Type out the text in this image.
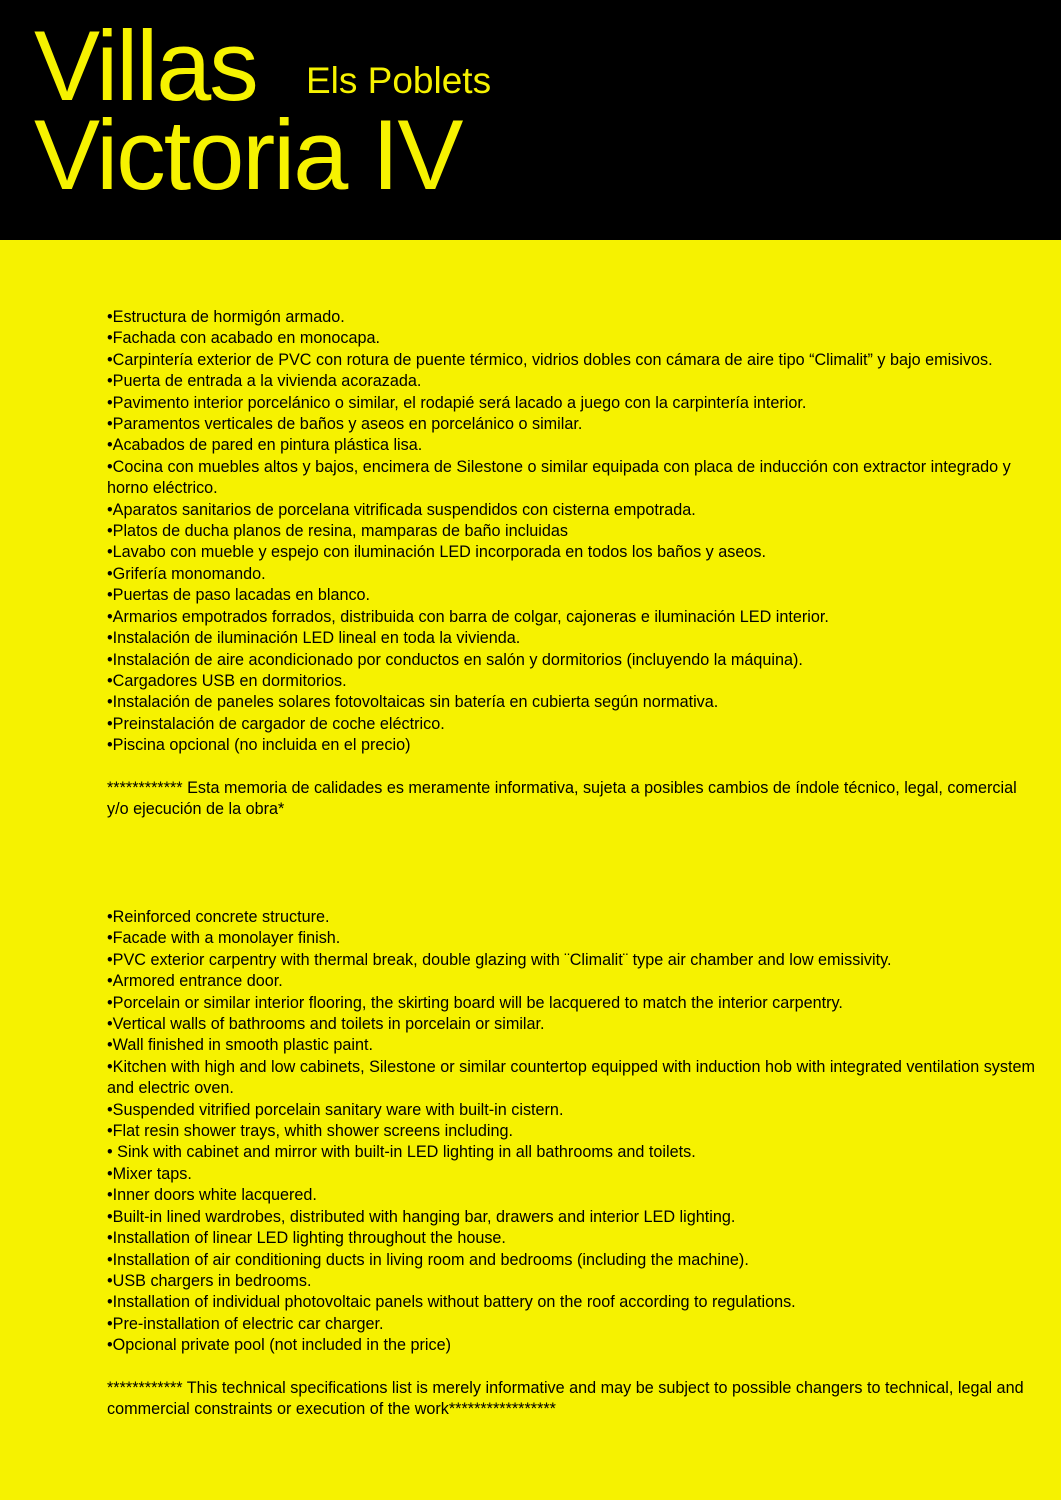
Villas Els Poblets
Victoria IV
•Estructura de hormigón armado.
•Fachada con acabado en monocapa.
•Carpintería exterior de PVC con rotura de puente térmico, vidrios dobles con cámara de aire tipo “Climalit” y bajo emisivos.
•Puerta de entrada a la vivienda acorazada.
•Pavimento interior porcelánico o similar, el rodapié será lacado a juego con la carpintería interior.
•Paramentos verticales de baños y aseos en porcelánico o similar.
•Acabados de pared en pintura plástica lisa.
•Cocina con muebles altos y bajos, encimera de Silestone o similar equipada con placa de inducción con extractor integrado y horno eléctrico.
•Aparatos sanitarios de porcelana vitrificada suspendidos con cisterna empotrada.
•Platos de ducha planos de resina, mamparas de baño incluidas
•Lavabo con mueble y espejo con iluminación LED incorporada en todos los baños y aseos.
•Grifería monomando.
•Puertas de paso lacadas en blanco.
•Armarios empotrados forrados, distribuida con barra de colgar, cajoneras e iluminación LED interior.
•Instalación de iluminación LED lineal en toda la vivienda.
•Instalación de aire acondicionado por conductos en salón y dormitorios (incluyendo la máquina).
•Cargadores USB en dormitorios.
•Instalación de paneles solares fotovoltaicas sin batería en cubierta según normativa.
•Preinstalación de cargador de coche eléctrico.
•Piscina opcional (no incluida en el precio)
************ Esta memoria de calidades es meramente informativa, sujeta a posibles cambios de índole técnico, legal, comercial y/o ejecución de la obra*
•Reinforced concrete structure.
•Facade with a monolayer finish.
•PVC exterior carpentry with thermal break, double glazing with ¨Climalit¨ type air chamber and low emissivity.
•Armored entrance door.
•Porcelain or similar interior flooring, the skirting board will be lacquered to match the interior carpentry.
•Vertical walls of bathrooms and toilets in porcelain or similar.
•Wall finished in smooth plastic paint.
•Kitchen with high and low cabinets, Silestone or similar countertop equipped with induction hob with integrated ventilation system and electric oven.
•Suspended vitrified porcelain sanitary ware with built-in cistern.
•Flat resin shower trays, whith shower screens including.
• Sink with cabinet and mirror with built-in LED lighting in all bathrooms and toilets.
•Mixer taps.
•Inner doors white lacquered.
•Built-in lined wardrobes, distributed with hanging bar, drawers and interior LED lighting.
•Installation of linear LED lighting throughout the house.
•Installation of air conditioning ducts in living room and bedrooms (including the machine).
•USB chargers in bedrooms.
•Installation of individual photovoltaic panels without battery on the roof according to regulations.
•Pre-installation of electric car charger.
•Opcional private pool (not included in the price)
************ This technical specifications list is merely informative and may be subject to possible changers to technical, legal and commercial constraints or execution of the work*****************
